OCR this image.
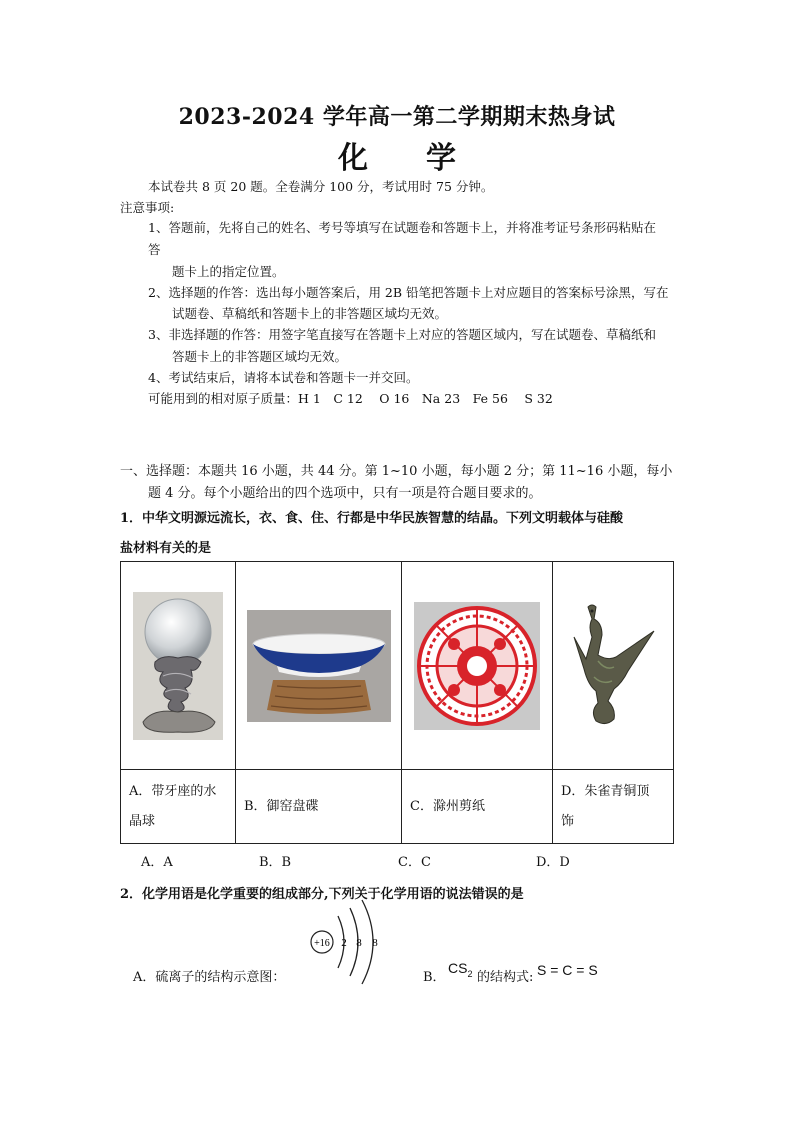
2023-2024 学年高一第二学期期末热身试
化 学
本试卷共 8 页 20 题。全卷满分 100 分，考试用时 75 分钟。
注意事项:
1、答题前，先将自己的姓名、考号等填写在试题卷和答题卡上，并将准考证号条形码粘贴在
答
题卡上的指定位置。
2、选择题的作答：选出每小题答案后，用 2B 铅笔把答题卡上对应题目的答案标号涂黑，写在
试题卷、草稿纸和答题卡上的非答题区域均无效。
3、非选择题的作答：用签字笔直接写在答题卡上对应的答题区域内，写在试题卷、草稿纸和
答题卡上的非答题区域均无效。
4、考试结束后，请将本试卷和答题卡一并交回。
可能用到的相对原子质量：H 1　C 12　 O 16　Na 23　Fe 56　 S 32
一、选择题：本题共 16 小题，共 44 分。第 1~10 小题，每小题 2 分；第 11~16 小题，每小
题 4 分。每个小题给出的四个选项中，只有一项是符合题目要求的。
1．中华文明源远流长，衣、食、住、行都是中华民族智慧的结晶。下列文明载体与硅酸
盐材料有关的是

A．带牙座的水
晶球	B．御窑盘碟	C．滁州剪纸	D．朱雀青铜顶
饰
A．A	B．B	C．C	D．D
2．化学用语是化学重要的组成部分,下列关于化学用语的说法错误的是
A．硫离子的结构示意图：
+16 2 8 8
B．
$CS_2$ 的结构式: S = C = S
